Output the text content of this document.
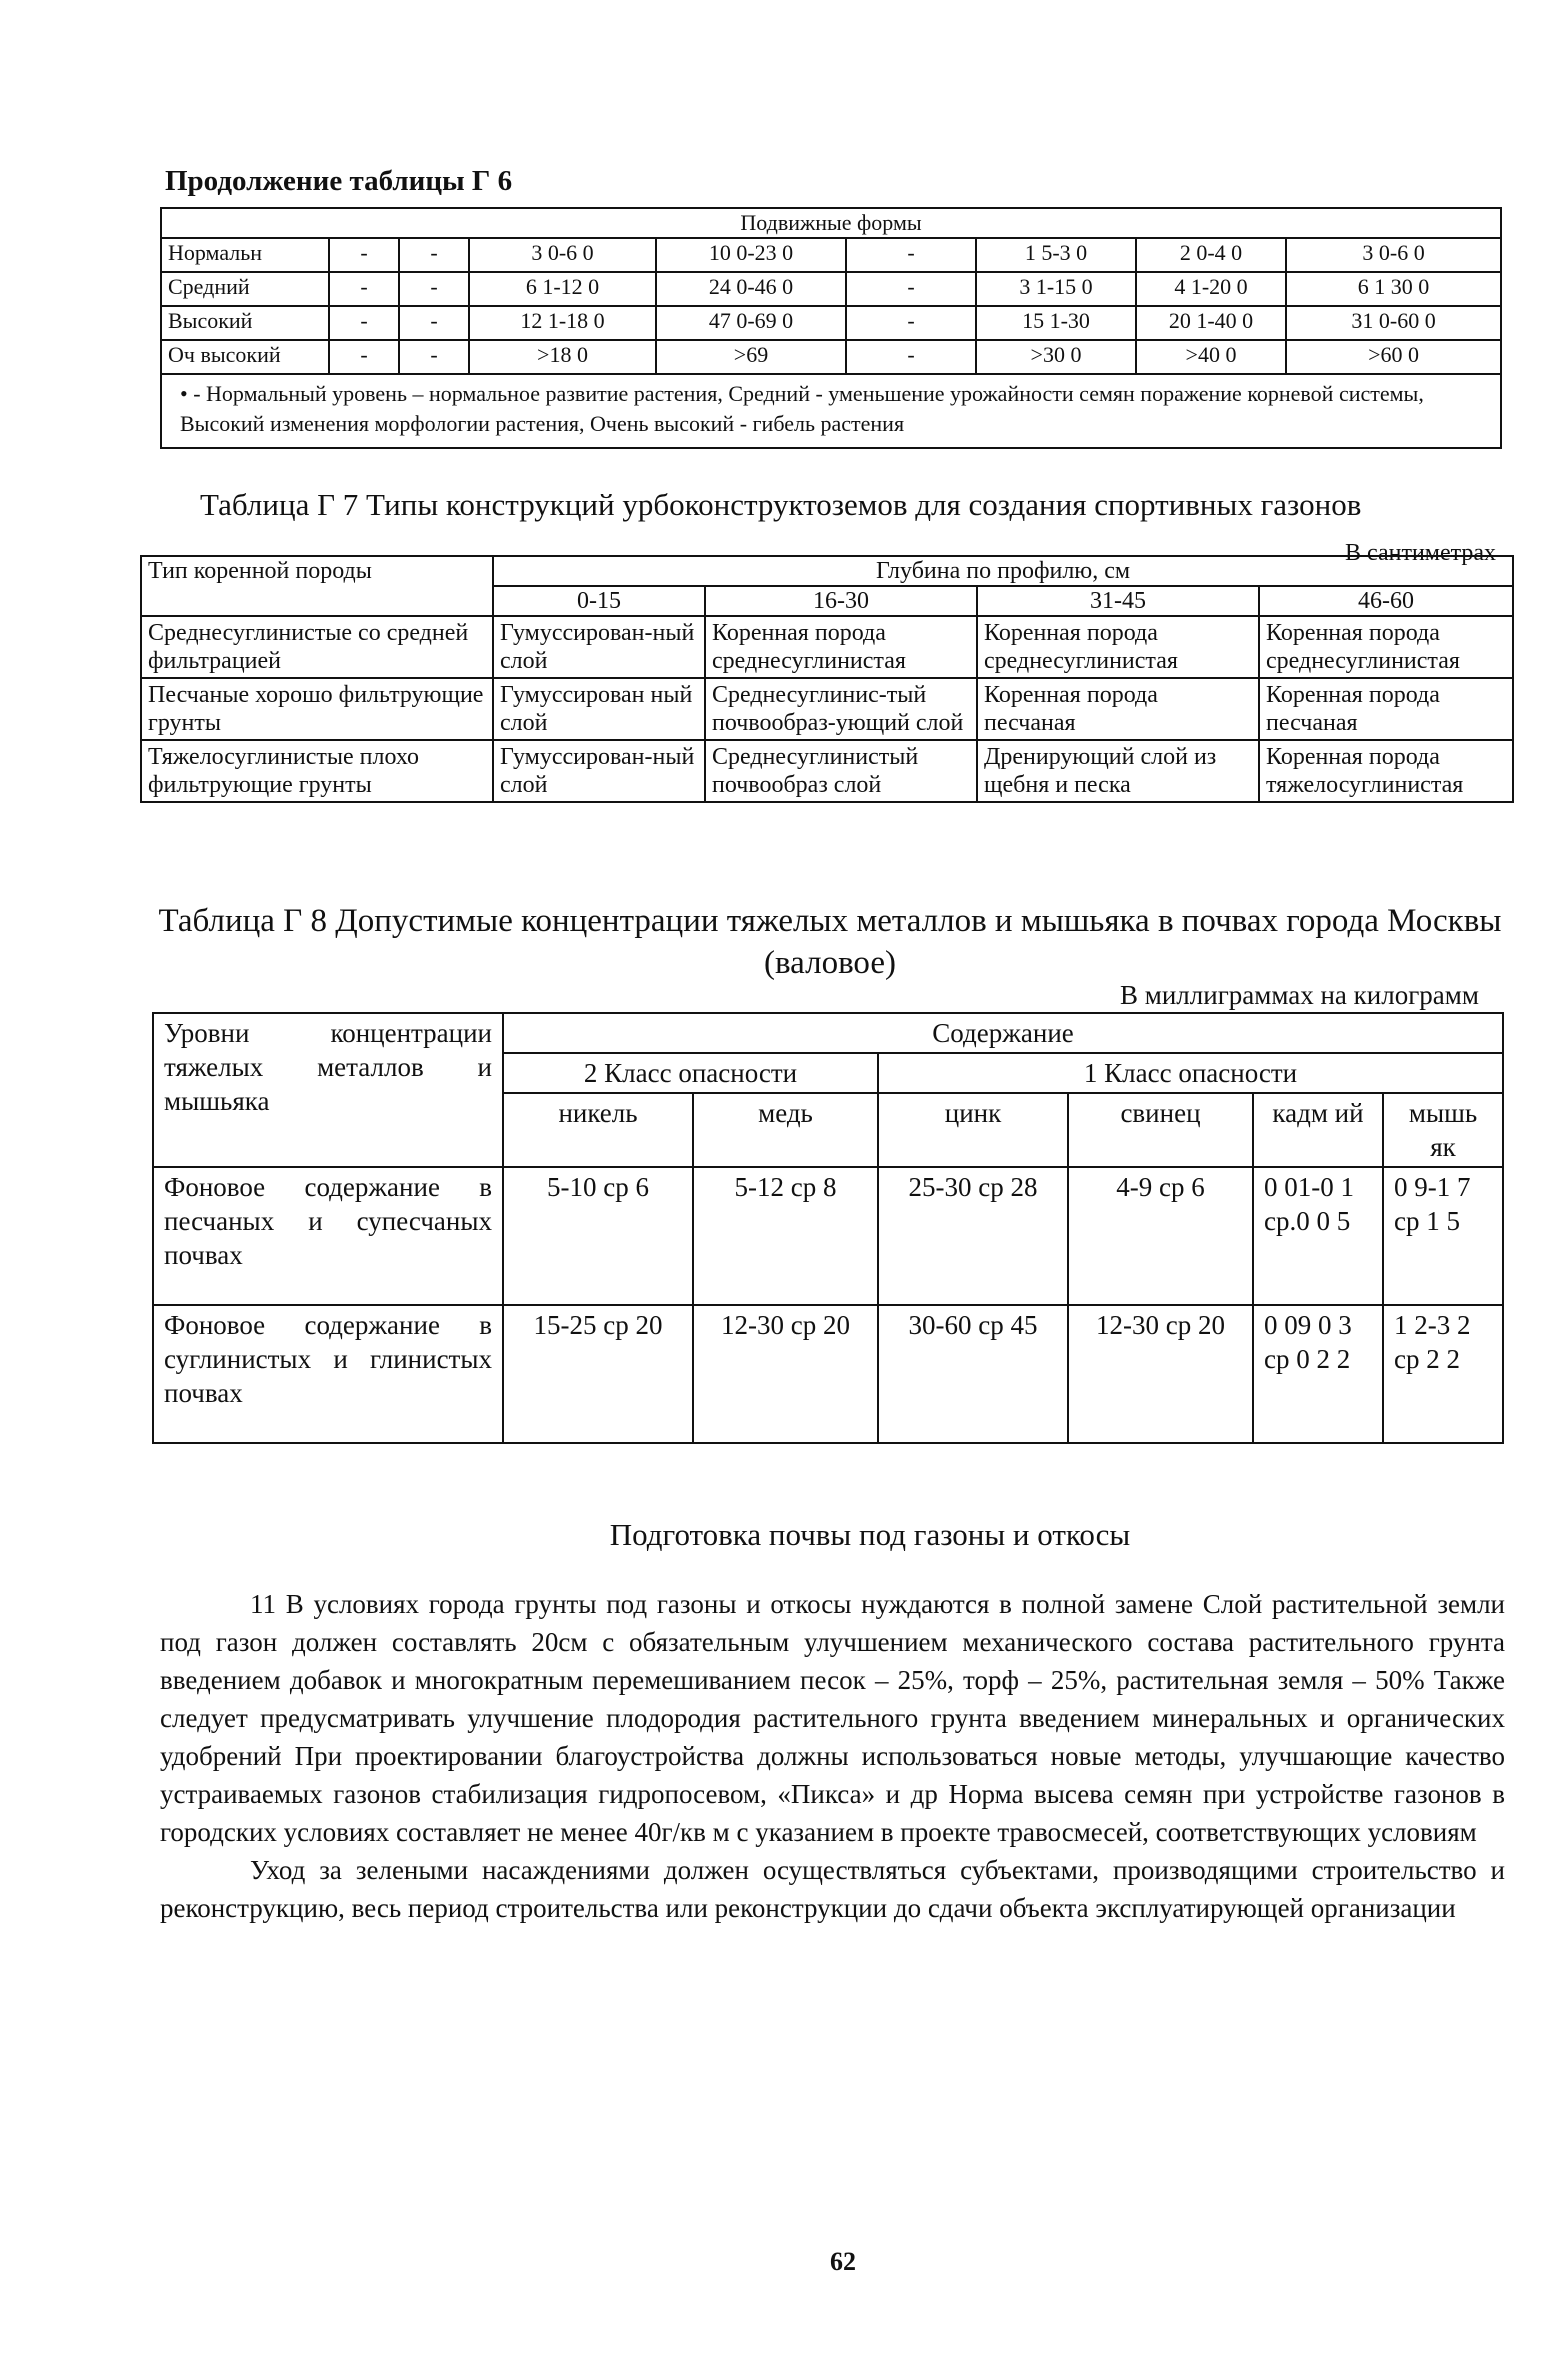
Продолжение таблицы Г 6
Подвижные формы								
Нормальн	-	-	3 0-6 0	10 0-23 0	-	1 5-3 0	2 0-4 0	3 0-6 0
Средний	-	-	6 1-12 0	24 0-46 0	-	3 1-15 0	4 1-20 0	6 1 30 0
Высокий	-	-	12 1-18 0	47 0-69 0	-	15 1-30	20 1-40 0	31 0-60 0
Оч высокий	-	-	>18 0	>69	-	>30 0	>40 0	>60 0
• - Нормальный уровень – нормальное развитие растения, Средний - уменьшение урожайности семян поражение корневой системы, Высокий изменения морфологии растения, Очень высокий - гибель растения								
Таблица Г 7 Типы конструкций урбоконструктоземов для создания спортивных газонов
В сантиметрах
Тип коренной породы	Глубина по профилю, см			
	0-15	16-30	31-45	46-60
Среднесуглинистые со средней фильтрацией	Гумуссирован-ный слой	Коренная порода среднесуглинистая	Коренная порода среднесуглинистая	Коренная порода среднесуглинистая
Песчаные хорошо фильтрующие грунты	Гумуссирован ный слой	Среднесуглинис-тый почвообраз-ующий слой	Коренная порода песчаная	Коренная порода песчаная
Тяжелосуглинистые плохо фильтрующие грунты	Гумуссирован-ный слой	Среднесуглинистый почвообраз слой	Дренирующий слой из щебня и песка	Коренная порода тяжелосуглинистая
Таблица Г 8 Допустимые концентрации тяжелых металлов и мышьяка в почвах города Москвы (валовое)
В миллиграммах на килограмм
Уровни концентрации тяжелых металлов и мышьяка	Содержание					
	2 Класс опасности		1 Класс опасности			
	никель	медь	цинк	свинец	кадм ий	мышь як
Фоновое содержание в песчаных и супесчаных почвах	5-10 ср 6	5-12 ср 8	25-30 ср 28	4-9 ср 6	0 01-0 1 ср.0 0 5	0 9-1 7 ср 1 5
Фоновое содержание в суглинистых и глинистых почвах	15-25 ср 20	12-30 ср 20	30-60 ср 45	12-30 ср 20	0 09 0 3 ср 0 2 2	1 2-3 2 ср 2 2
Подготовка почвы под газоны и откосы

11 В условиях города грунты под газоны и откосы нуждаются в полной замене Слой растительной земли под газон должен составлять 20см с обязательным улучшением механического состава растительного грунта введением добавок и многократным перемешиванием песок – 25%, торф – 25%, растительная земля – 50% Также следует предусматривать улучшение плодородия растительного грунта введением минеральных и органических удобрений При проектировании благоустройства должны использоваться новые методы, улучшающие качество устраиваемых газонов стабилизация гидропосевом, «Пикса» и др Норма высева семян при устройстве газонов в городских условиях составляет не менее 40г/кв м с указанием в проекте травосмесей, соответствующих условиям

Уход за зелеными насаждениями должен осуществляться субъектами, производящими строительство и реконструкцию, весь период строительства или реконструкции до сдачи объекта эксплуатирующей организации

62
